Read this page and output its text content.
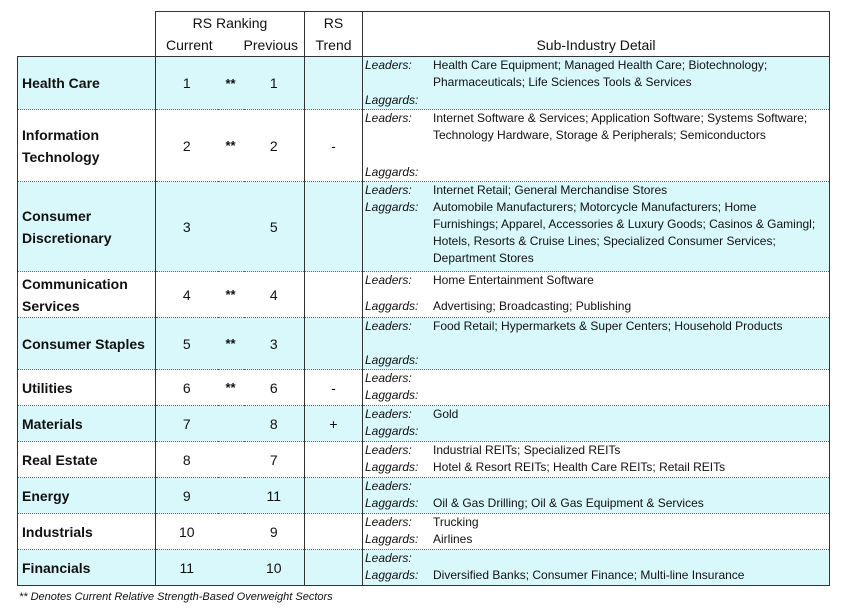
	RS Ranking			RS	Sub-Industry Detail

	Current		Previous	Trend	
Health Care	1	**	1		Leaders: Health Care Equipment; Managed Health Care; Biotechnology; Pharmaceuticals; Life Sciences Tools & Services
Laggards:

Information Technology	2	**	2	-	Leaders: Internet Software & Services; Application Software; Systems Software; Technology Hardware, Storage & Peripherals; Semiconductors
Laggards:

Consumer Discretionary	3		5		Leaders: Internet Retail; General Merchandise Stores
Laggards: Automobile Manufacturers; Motorcycle Manufacturers; Home Furnishings; Apparel, Accessories & Luxury Goods; Casinos & Gamingl; Hotels, Resorts & Cruise Lines; Specialized Consumer Services; Department Stores

Communication Services	4	**	4		Leaders: Home Entertainment Software
Laggards: Advertising; Broadcasting; Publishing

Consumer Staples	5	**	3		Leaders: Food Retail; Hypermarkets & Super Centers; Household Products
Laggards:

Utilities	6	**	6	-	Leaders:
Laggards:

Materials	7		8	+	Leaders: Gold
Laggards:

Real Estate	8		7		Leaders: Industrial REITs; Specialized REITs
Laggards: Hotel & Resort REITs; Health Care REITs; Retail REITs

Energy	9		11		Leaders:
Laggards: Oil & Gas Drilling; Oil & Gas Equipment & Services

Industrials	10		9		Leaders: Trucking
Laggards: Airlines

Financials	11		10		Leaders:
Laggards: Diversified Banks; Consumer Finance; Multi-line Insurance
** Denotes Current Relative Strength-Based Overweight Sectors
